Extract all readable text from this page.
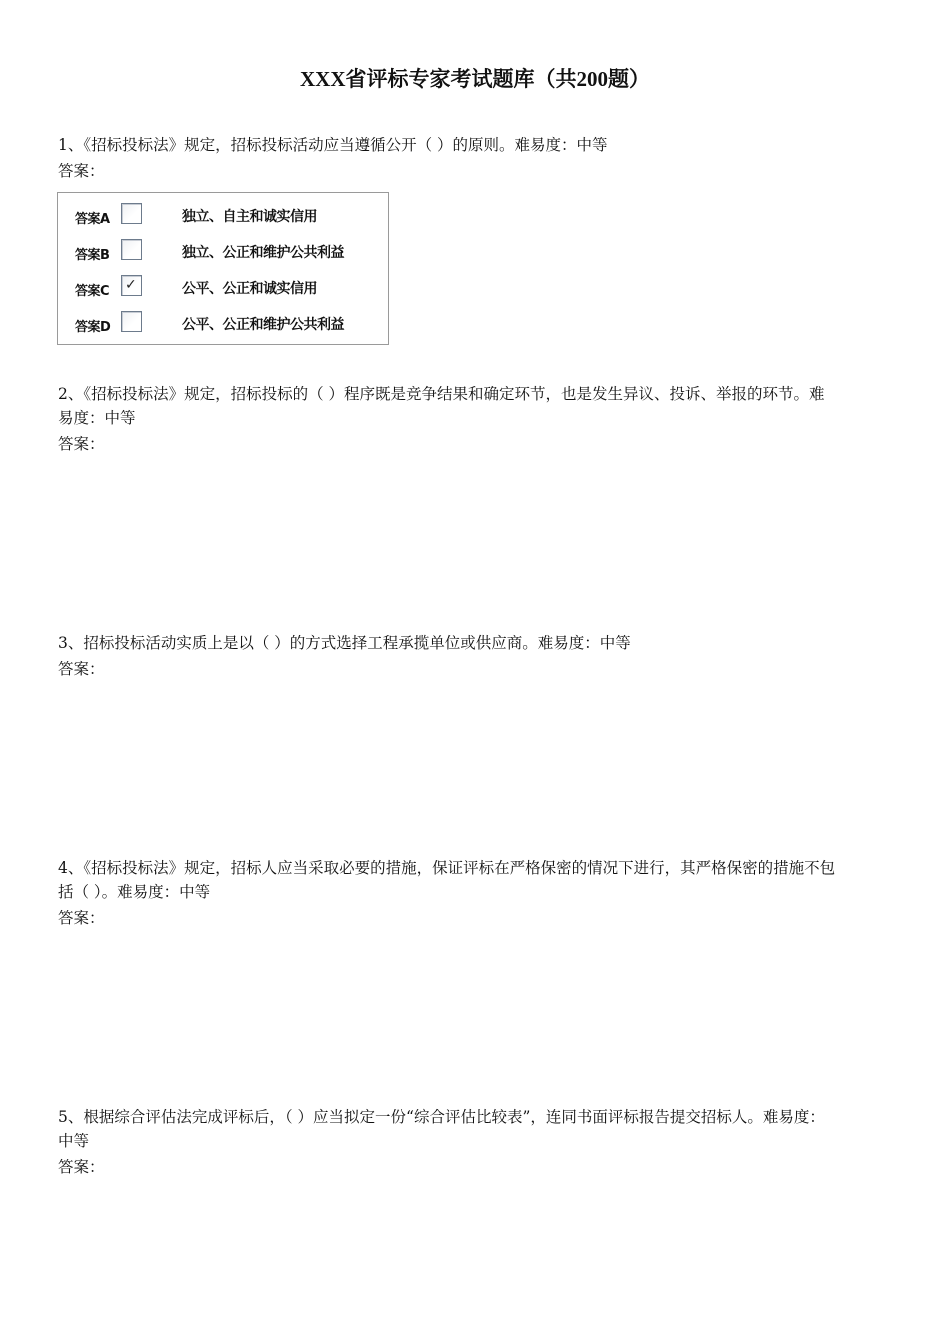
XXX省评标专家考试题库（共200题）

1、《招标投标法》规定，招标投标活动应当遵循公开（ ）的原则。难易度：中等

答案：

答案A	独立、自主和诚实信用
答案B	独立、公正和维护公共利益
答案C ✓	公平、公正和诚实信用
答案D	公平、公正和维护公共利益

2、《招标投标法》规定，招标投标的（ ）程序既是竞争结果和确定环节，也是发生异议、投诉、举报的环节。难

易度：中等

答案：

3、招标投标活动实质上是以（ ）的方式选择工程承揽单位或供应商。难易度：中等

答案：

4、《招标投标法》规定，招标人应当采取必要的措施，保证评标在严格保密的情况下进行，其严格保密的措施不包

括（ ）。难易度：中等

答案：

5、根据综合评估法完成评标后，（ ）应当拟定一份“综合评估比较表”，连同书面评标报告提交招标人。难易度：

中等

答案：
